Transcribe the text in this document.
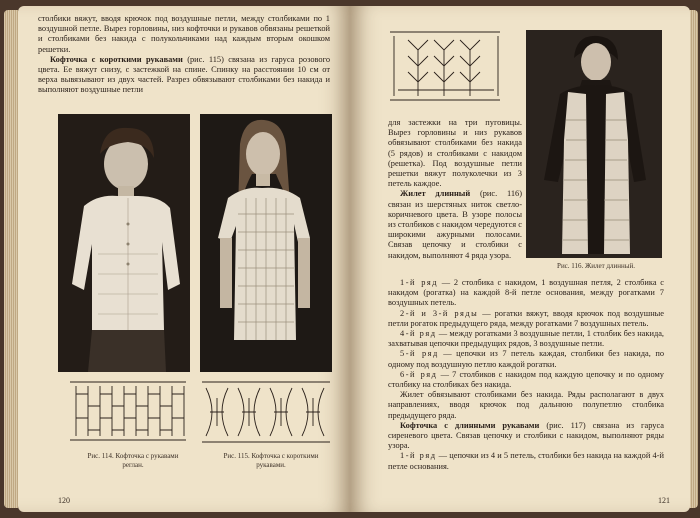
столбики вяжут, вводя крючок под воздушные петли, между столбиками по 1 воздушной петле. Вырез горловины, низ кофточки и рукавов обвязаны решеткой и столбиками без накида с полукольчиками над каждым вторым окошком решетки.

Кофточка с короткими рукавами (рис. 115) связана из гаруса розового цвета. Ее вяжут снизу, с застежкой на спине. Спинку на расстоянии 10 см от верха вывязывают из двух частей. Разрез обвязывают столбиками без накида и выполняют воздушные петли

Рис. 114. Кофточка с рукавами реглан.
Рис. 115. Кофточка с короткими рукавами.
120
Рис. 116. Жилет длинный.

для застежки на три пуговицы. Вырез горловины и низ рукавов обвязывают столбиками без накида (5 рядов) и столбиками с накидом (решетка). Под воздушные петли решетки вяжут полуколечки из 3 петель каждое.

Жилет длинный (рис. 116) связан из шерстяных ниток светло-коричневого цвета. В узоре полосы из столбиков с накидом чередуются с широкими ажурными полосами. Связав цепочку и столбики с накидом, выполняют 4 ряда узора.

1-й ряд — 2 столбика с накидом, 1 воздушная петля, 2 столбика с накидом (рогатка) на каждой 8-й петле основания, между рогатками 7 воздушных петель.

2-й и 3-й ряды — рогатки вяжут, вводя крючок под воздушные петли рогаток предыдущего ряда, между рогатками 7 воздушных петель.

4-й ряд — между рогатками 3 воздушные петли, 1 столбик без накида, захватывая цепочки предыдущих рядов, 3 воздушные петли.

5-й ряд — цепочки из 7 петель каждая, столбики без накида, по одному под воздушную петлю каждой рогатки.

6-й ряд — 7 столбиков с накидом под каждую цепочку и по одному столбику на столбиках без накида.

Жилет обвязывают столбиками без накида. Ряды располагают в двух направлениях, вводя крючок под дальнюю полупетлю столбика предыдущего ряда.

Кофточка с длинными рукавами (рис. 117) связана из гаруса сиреневого цвета. Связав цепочку и столбики с накидом, выполняют ряды узора.

1-й ряд — цепочки из 4 и 5 петель, столбики без накида на каждой 4-й петле основания.

121
